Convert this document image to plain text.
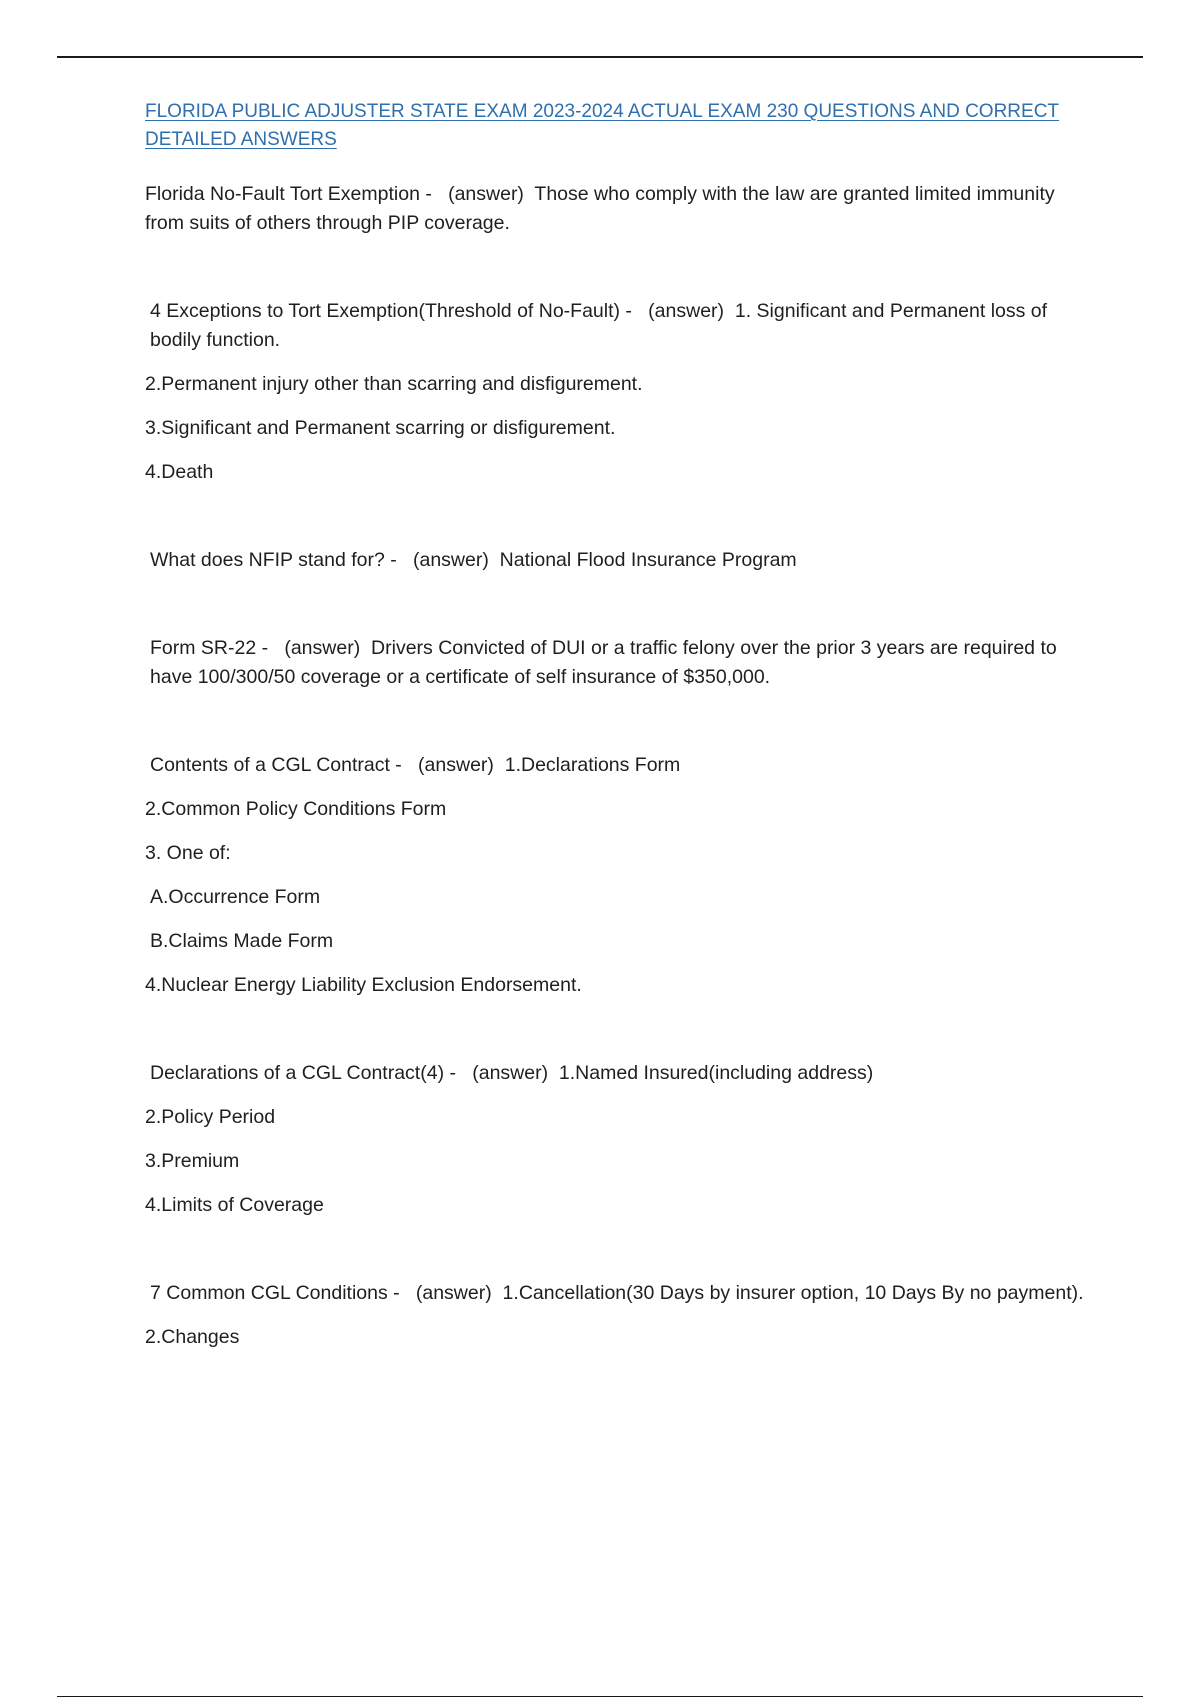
FLORIDA PUBLIC ADJUSTER STATE EXAM 2023-2024 ACTUAL EXAM 230 QUESTIONS AND CORRECT DETAILED ANSWERS

Florida No-Fault Tort Exemption -   (answer)  Those who comply with the law are granted limited immunity from suits of others through PIP coverage.

4 Exceptions to Tort Exemption(Threshold of No-Fault) -   (answer)  1. Significant and Permanent loss of bodily function.

2.Permanent injury other than scarring and disfigurement.

3.Significant and Permanent scarring or disfigurement.

4.Death

What does NFIP stand for? -   (answer)  National Flood Insurance Program

Form SR-22 -   (answer)  Drivers Convicted of DUI or a traffic felony over the prior 3 years are required to have 100/300/50 coverage or a certificate of self insurance of $350,000.

Contents of a CGL Contract -   (answer)  1.Declarations Form

2.Common Policy Conditions Form

3. One of:

A.Occurrence Form

B.Claims Made Form

4.Nuclear Energy Liability Exclusion Endorsement.

Declarations of a CGL Contract(4) -   (answer)  1.Named Insured(including address)

2.Policy Period

3.Premium

4.Limits of Coverage

7 Common CGL Conditions -   (answer)  1.Cancellation(30 Days by insurer option, 10 Days By no payment).

2.Changes
